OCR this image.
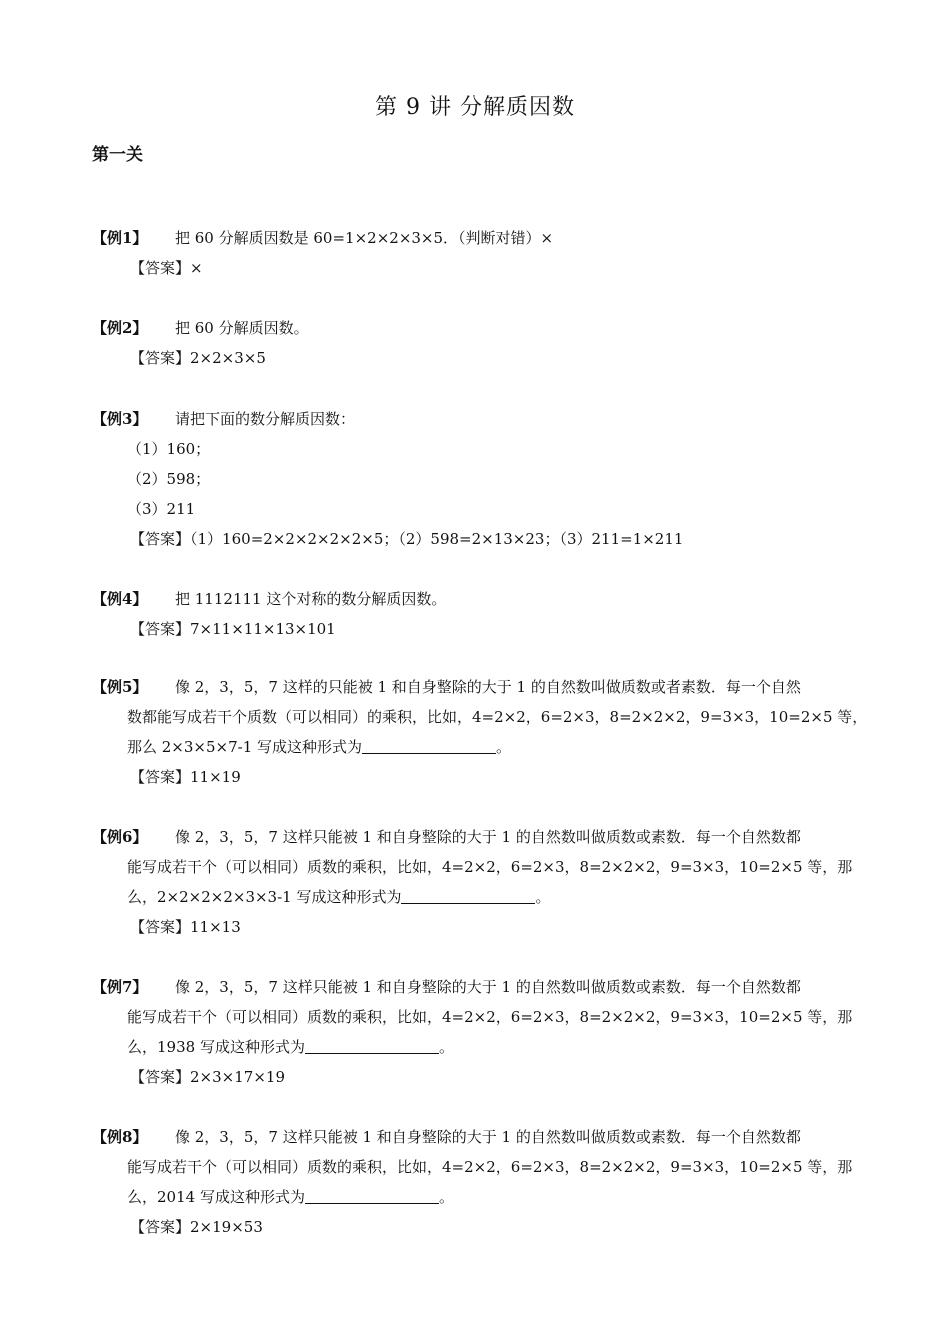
第 9 讲 分解质因数
第一关
【例1】 把 60 分解质因数是 60=1×2×2×3×5．（判断对错）×
【答案】×
【例2】 把 60 分解质因数。
【答案】2×2×3×5
【例3】 请把下面的数分解质因数：
（1）160；
（2）598；
（3）211
【答案】（1）160=2×2×2×2×2×5；（2）598=2×13×23；（3）211=1×211
【例4】 把 1112111 这个对称的数分解质因数。
【答案】7×11×11×13×101
【例5】 像 2，3，5，7 这样的只能被 1 和自身整除的大于 1 的自然数叫做质数或者素数．每一个自然
数都能写成若干个质数（可以相同）的乘积，比如，4=2×2，6=2×3，8=2×2×2，9=3×3，10=2×5 等，
那么 2×3×5×7-1 写成这种形式为	。
【答案】11×19
【例6】 像 2，3，5，7 这样只能被 1 和自身整除的大于 1 的自然数叫做质数或素数．每一个自然数都
能写成若干个（可以相同）质数的乘积，比如，4=2×2，6=2×3，8=2×2×2，9=3×3，10=2×5 等，那
么，2×2×2×2×3×3-1 写成这种形式为	。
【答案】11×13
【例7】 像 2，3，5，7 这样只能被 1 和自身整除的大于 1 的自然数叫做质数或素数．每一个自然数都
能写成若干个（可以相同）质数的乘积，比如，4=2×2，6=2×3，8=2×2×2，9=3×3，10=2×5 等，那
么，1938 写成这种形式为	。
【答案】2×3×17×19
【例8】 像 2，3，5，7 这样只能被 1 和自身整除的大于 1 的自然数叫做质数或素数．每一个自然数都
能写成若干个（可以相同）质数的乘积，比如，4=2×2，6=2×3，8=2×2×2，9=3×3，10=2×5 等，那
么，2014 写成这种形式为	。
【答案】2×19×53
